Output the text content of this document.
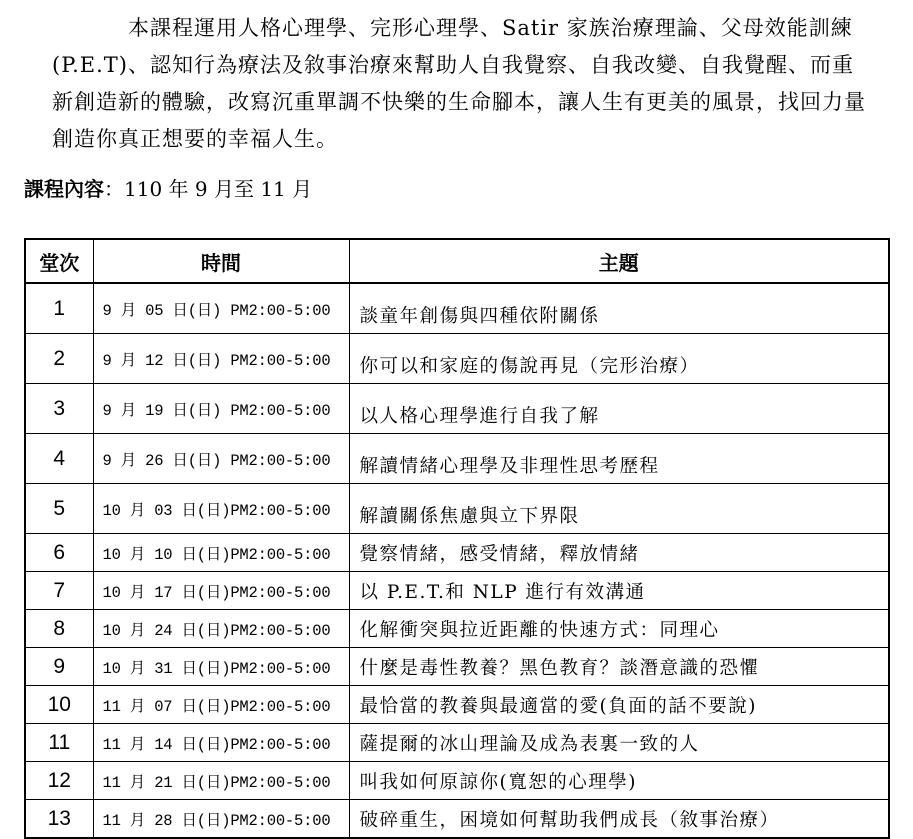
本課程運用人格心理學、完形心理學、Satir 家族治療理論、父母效能訓練(P.E.T)、認知行為療法及敘事治療來幫助人自我覺察、自我改變、自我覺醒、而重新創造新的體驗，改寫沉重單調不快樂的生命腳本，讓人生有更美的風景，找回力量創造你真正想要的幸福人生。

課程內容：110 年 9 月至 11 月
堂次	時間	主題
1	9 月 05 日(日) PM2:00-5:00	談童年創傷與四種依附關係
2	9 月 12 日(日) PM2:00-5:00	你可以和家庭的傷說再見（完形治療）
3	9 月 19 日(日) PM2:00-5:00	以人格心理學進行自我了解
4	9 月 26 日(日) PM2:00-5:00	解讀情緒心理學及非理性思考歷程
5	10 月 03 日(日)PM2:00-5:00	解讀關係焦慮與立下界限
6	10 月 10 日(日)PM2:00-5:00	覺察情緒，感受情緒，釋放情緒
7	10 月 17 日(日)PM2:00-5:00	以 P.E.T.和 NLP 進行有效溝通
8	10 月 24 日(日)PM2:00-5:00	化解衝突與拉近距離的快速方式：同理心
9	10 月 31 日(日)PM2:00-5:00	什麼是毒性教養？黑色教育？談潛意識的恐懼
10	11 月 07 日(日)PM2:00-5:00	最恰當的教養與最適當的愛(負面的話不要說)
11	11 月 14 日(日)PM2:00-5:00	薩提爾的冰山理論及成為表裏一致的人
12	11 月 21 日(日)PM2:00-5:00	叫我如何原諒你(寬恕的心理學)
13	11 月 28 日(日)PM2:00-5:00	破碎重生，困境如何幫助我們成長（敘事治療）
